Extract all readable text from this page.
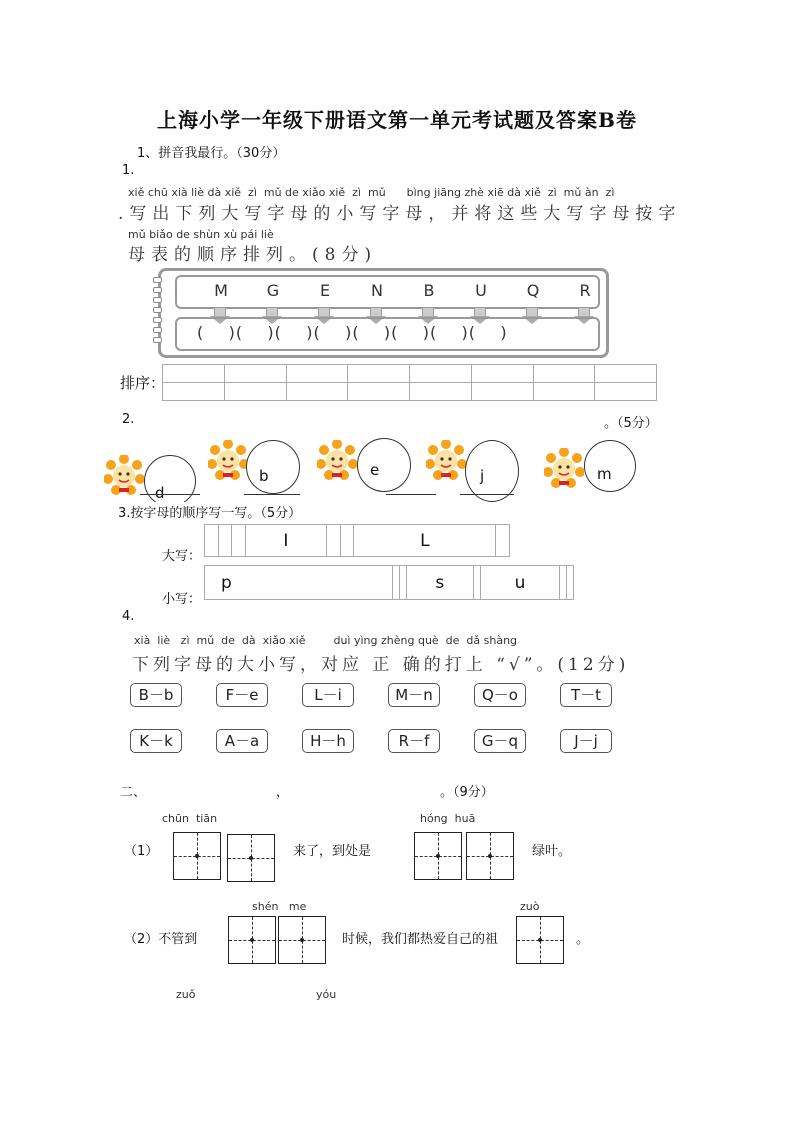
上海小学一年级下册语文第一单元考试题及答案B卷
1、拼音我最行。（30分）
1.
xiě chū xià liè dà xiě  zì  mǔ de xiǎo xiě  zì  mǔ      bìng jiāng zhè xiē dà xiě  zì  mǔ àn  zì
.写出下列大写字母的小写字母，并将这些大写字母按字
mǔ biǎo de shùn xù pái liè
母表的顺序排列。(8分)
M G	E	N	B	U Q	R
(    )(    )(    )(    )(    )(    )(    )(    )
排序：

2.	。（5分）
d
b	e	j	m
3.按字母的顺序写一写。（5分）
大写：
			I			L	
小写：
p			s		u		
4.
xià  liè   zì  mǔ  de  dà  xiǎo xiě        duì yìng zhèng què  de  dǎ shàng
下列字母的大小写，对应 正 确的打上 “√”。(12分)
B－b	F－e	L－i	M－n	Q－o	T－t
K－k	A－a	H－h	R－f	G－q	J－j
二、	，	。（9分）
chūn  tiān	hóng  huā
（1）	来了，到处是	绿叶。
shén   me	zuò
（2）不管到	时候，我们都热爱自己的祖	。
zuǒ	yóu
